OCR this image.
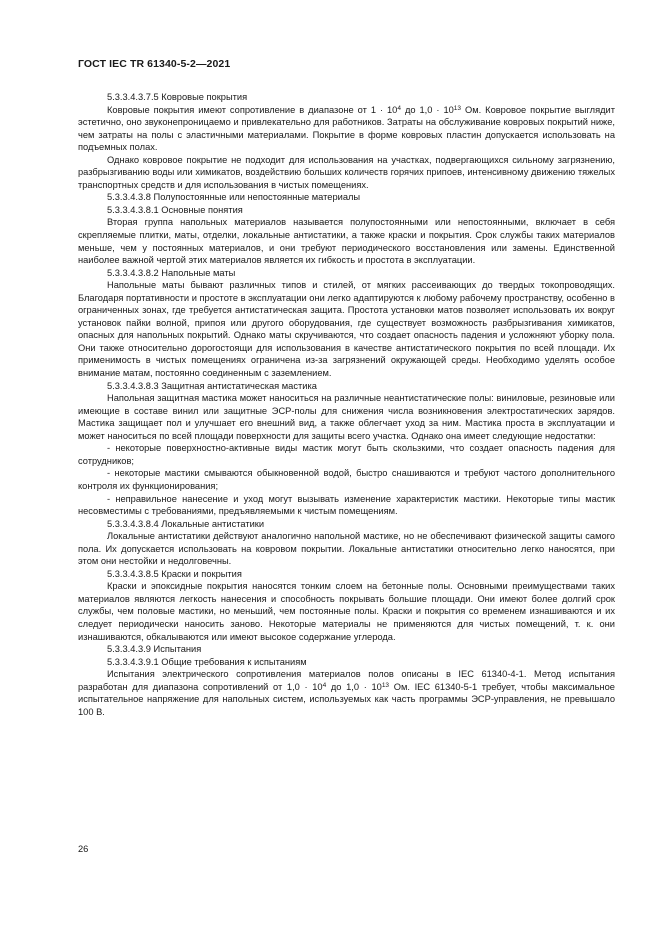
ГОСТ IEC TR 61340-5-2—2021

5.3.3.4.3.7.5 Ковровые покрытия

Ковровые покрытия имеют сопротивление в диапазоне от $1 \cdot 10^4$ до $1,0 \cdot 10^{13}$ Ом. Ковровое покрытие выглядит эстетично, оно звуконепроницаемо и привлекательно для работников. Затраты на обслуживание ковровых покрытий ниже, чем затраты на полы с эластичными материалами. Покрытие в форме ковровых пластин допускается использовать на подъемных полах.

Однако ковровое покрытие не подходит для использования на участках, подвергающихся сильному загрязнению, разбрызгиванию воды или химикатов, воздействию больших количеств горячих припоев, интенсивному движению тяжелых транспортных средств и для использования в чистых помещениях.

5.3.3.4.3.8 Полупостоянные или непостоянные материалы

5.3.3.4.3.8.1 Основные понятия

Вторая группа напольных материалов называется полупостоянными или непостоянными, включает в себя скрепляемые плитки, маты, отделки, локальные антистатики, а также краски и покрытия. Срок службы таких материалов меньше, чем у постоянных материалов, и они требуют периодического восстановления или замены. Единственной наиболее важной чертой этих материалов является их гибкость и простота в эксплуатации.

5.3.3.4.3.8.2 Напольные маты

Напольные маты бывают различных типов и стилей, от мягких рассеивающих до твердых токопроводящих. Благодаря портативности и простоте в эксплуатации они легко адаптируются к любому рабочему пространству, особенно в ограниченных зонах, где требуется антистатическая защита. Простота установки матов позволяет использовать их вокруг установок пайки волной, припоя или другого оборудования, где существует возможность разбрызгивания химикатов, опасных для напольных покрытий. Однако маты скручиваются, что создает опасность падения и усложняют уборку пола. Они также относительно дорогостоящи для использования в качестве антистатического покрытия по всей площади. Их применимость в чистых помещениях ограничена из-за загрязнений окружающей среды. Необходимо уделять особое внимание матам, постоянно соединенным с заземлением.

5.3.3.4.3.8.3 Защитная антистатическая мастика

Напольная защитная мастика может наноситься на различные неантистатические полы: виниловые, резиновые или имеющие в составе винил или защитные ЭСР-полы для снижения числа возникновения электростатических зарядов. Мастика защищает пол и улучшает его внешний вид, а также облегчает уход за ним. Мастика проста в эксплуатации и может наноситься по всей площади поверхности для защиты всего участка. Однако она имеет следующие недостатки:

- некоторые поверхностно-активные виды мастик могут быть скользкими, что создает опасность падения для сотрудников;

- некоторые мастики смываются обыкновенной водой, быстро снашиваются и требуют частого дополнительного контроля их функционирования;

- неправильное нанесение и уход могут вызывать изменение характеристик мастики. Некоторые типы мастик несовместимы с требованиями, предъявляемыми к чистым помещениям.

5.3.3.4.3.8.4 Локальные антистатики

Локальные антистатики действуют аналогично напольной мастике, но не обеспечивают физической защиты самого пола. Их допускается использовать на ковровом покрытии. Локальные антистатики относительно легко наносятся, при этом они нестойки и недолговечны.

5.3.3.4.3.8.5 Краски и покрытия

Краски и эпоксидные покрытия наносятся тонким слоем на бетонные полы. Основными преимуществами таких материалов являются легкость нанесения и способность покрывать большие площади. Они имеют более долгий срок службы, чем половые мастики, но меньший, чем постоянные полы. Краски и покрытия со временем изнашиваются и их следует периодически наносить заново. Некоторые материалы не применяются для чистых помещений, т. к. они изнашиваются, обкалываются или имеют высокое содержание углерода.

5.3.3.4.3.9 Испытания

5.3.3.4.3.9.1 Общие требования к испытаниям

Испытания электрического сопротивления материалов полов описаны в IEC 61340-4-1. Метод испытания разработан для диапазона сопротивлений от $1,0 \cdot 10^4$ до $1,0 \cdot 10^{13}$ Ом. IEC 61340-5-1 требует, чтобы максимальное испытательное напряжение для напольных систем, используемых как часть программы ЭСР-управления, не превышало 100 В.

26
